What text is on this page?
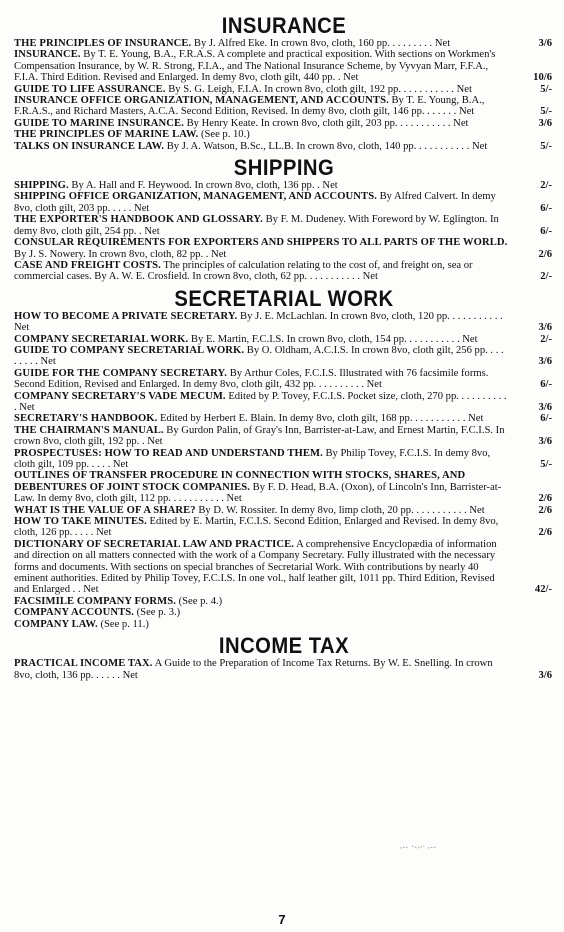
INSURANCE
THE PRINCIPLES OF INSURANCE. By J. Alfred Eke. In crown 8vo, cloth, 160 pp. . . . . . . . . Net	3/6
INSURANCE. By T. E. Young, B.A., F.R.A.S. A complete and practical exposition. With sections on Workmen's Compensation Insurance, by W. R. Strong, F.I.A., and The National Insurance Scheme, by Vyvyan Marr, F.F.A., F.I.A. Third Edition. Revised and Enlarged. In demy 8vo, cloth gilt, 440 pp. . Net	10/6
GUIDE TO LIFE ASSURANCE. By S. G. Leigh, F.I.A. In crown 8vo, cloth gilt, 192 pp. . . . . . . . . . . Net	5/-
INSURANCE OFFICE ORGANIZATION, MANAGEMENT, AND ACCOUNTS. By T. E. Young, B.A., F.R.A.S., and Richard Masters, A.C.A. Second Edition, Revised. In demy 8vo, cloth gilt, 146 pp. . . . . . . Net	5/-
GUIDE TO MARINE INSURANCE. By Henry Keate. In crown 8vo, cloth gilt, 203 pp. . . . . . . . . . . Net	3/6
THE PRINCIPLES OF MARINE LAW. (See p. 10.)
TALKS ON INSURANCE LAW. By J. A. Watson, B.Sc., LL.B. In crown 8vo, cloth, 140 pp. . . . . . . . . . . Net	5/-
SHIPPING
SHIPPING. By A. Hall and F. Heywood. In crown 8vo, cloth, 136 pp. . Net	2/-
SHIPPING OFFICE ORGANIZATION, MANAGEMENT, AND ACCOUNTS. By Alfred Calvert. In demy 8vo, cloth gilt, 203 pp. . . . . Net	6/-
THE EXPORTER'S HANDBOOK AND GLOSSARY. By F. M. Dudeney. With Foreword by W. Eglington. In demy 8vo, cloth gilt, 254 pp. . Net	6/-
CONSULAR REQUIREMENTS FOR EXPORTERS AND SHIPPERS TO ALL PARTS OF THE WORLD. By J. S. Nowery. In crown 8vo, cloth, 82 pp. . Net	2/6
CASE AND FREIGHT COSTS. The principles of calculation relating to the cost of, and freight on, sea or commercial cases. By A. W. E. Crosfield. In crown 8vo, cloth, 62 pp. . . . . . . . . . . Net	2/-
SECRETARIAL WORK
HOW TO BECOME A PRIVATE SECRETARY. By J. E. McLachlan. In crown 8vo, cloth, 120 pp. . . . . . . . . . . Net	3/6
COMPANY SECRETARIAL WORK. By E. Martin, F.C.I.S. In crown 8vo, cloth, 154 pp. . . . . . . . . . . Net	2/-
GUIDE TO COMPANY SECRETARIAL WORK. By O. Oldham, A.C.I.S. In crown 8vo, cloth gilt, 256 pp. . . . . . . . . Net	3/6
GUIDE FOR THE COMPANY SECRETARY. By Arthur Coles, F.C.I.S. Illustrated with 76 facsimile forms. Second Edition, Revised and Enlarged. In demy 8vo, cloth gilt, 432 pp. . . . . . . . . . Net	6/-
COMPANY SECRETARY'S VADE MECUM. Edited by P. Tovey, F.C.I.S. Pocket size, cloth, 270 pp. . . . . . . . . . . Net	3/6
SECRETARY'S HANDBOOK. Edited by Herbert E. Blain. In demy 8vo, cloth gilt, 168 pp. . . . . . . . . . . Net	6/-
THE CHAIRMAN'S MANUAL. By Gurdon Palin, of Gray's Inn, Barrister-at-Law, and Ernest Martin, F.C.I.S. In crown 8vo, cloth gilt, 192 pp. . Net	3/6
PROSPECTUSES: HOW TO READ AND UNDERSTAND THEM. By Philip Tovey, F.C.I.S. In demy 8vo, cloth gilt, 109 pp. . . . . Net	5/-
OUTLINES OF TRANSFER PROCEDURE IN CONNECTION WITH STOCKS, SHARES, AND DEBENTURES OF JOINT STOCK COMPANIES. By F. D. Head, B.A. (Oxon), of Lincoln's Inn, Barrister-at-Law. In demy 8vo, cloth gilt, 112 pp. . . . . . . . . . . Net	2/6
WHAT IS THE VALUE OF A SHARE? By D. W. Rossiter. In demy 8vo, limp cloth, 20 pp. . . . . . . . . . . Net	2/6
HOW TO TAKE MINUTES. Edited by E. Martin, F.C.I.S. Second Edition, Enlarged and Revised. In demy 8vo, cloth, 126 pp. . . . . Net	2/6
DICTIONARY OF SECRETARIAL LAW AND PRACTICE. A comprehensive Encyclopædia of information and direction on all matters connected with the work of a Company Secretary. Fully illustrated with the necessary forms and documents. With sections on special branches of Secretarial Work. With contributions by nearly 40 eminent authorities. Edited by Philip Tovey, F.C.I.S. In one vol., half leather gilt, 1011 pp. Third Edition, Revised and Enlarged . . Net	42/-
FACSIMILE COMPANY FORMS. (See p. 4.)
COMPANY ACCOUNTS. (See p. 3.)
COMPANY LAW. (See p. 11.)
INCOME TAX
PRACTICAL INCOME TAX. A Guide to the Preparation of Income Tax Returns. By W. E. Snelling. In crown 8vo, cloth, 136 pp. . . . . . Net	3/6
7
